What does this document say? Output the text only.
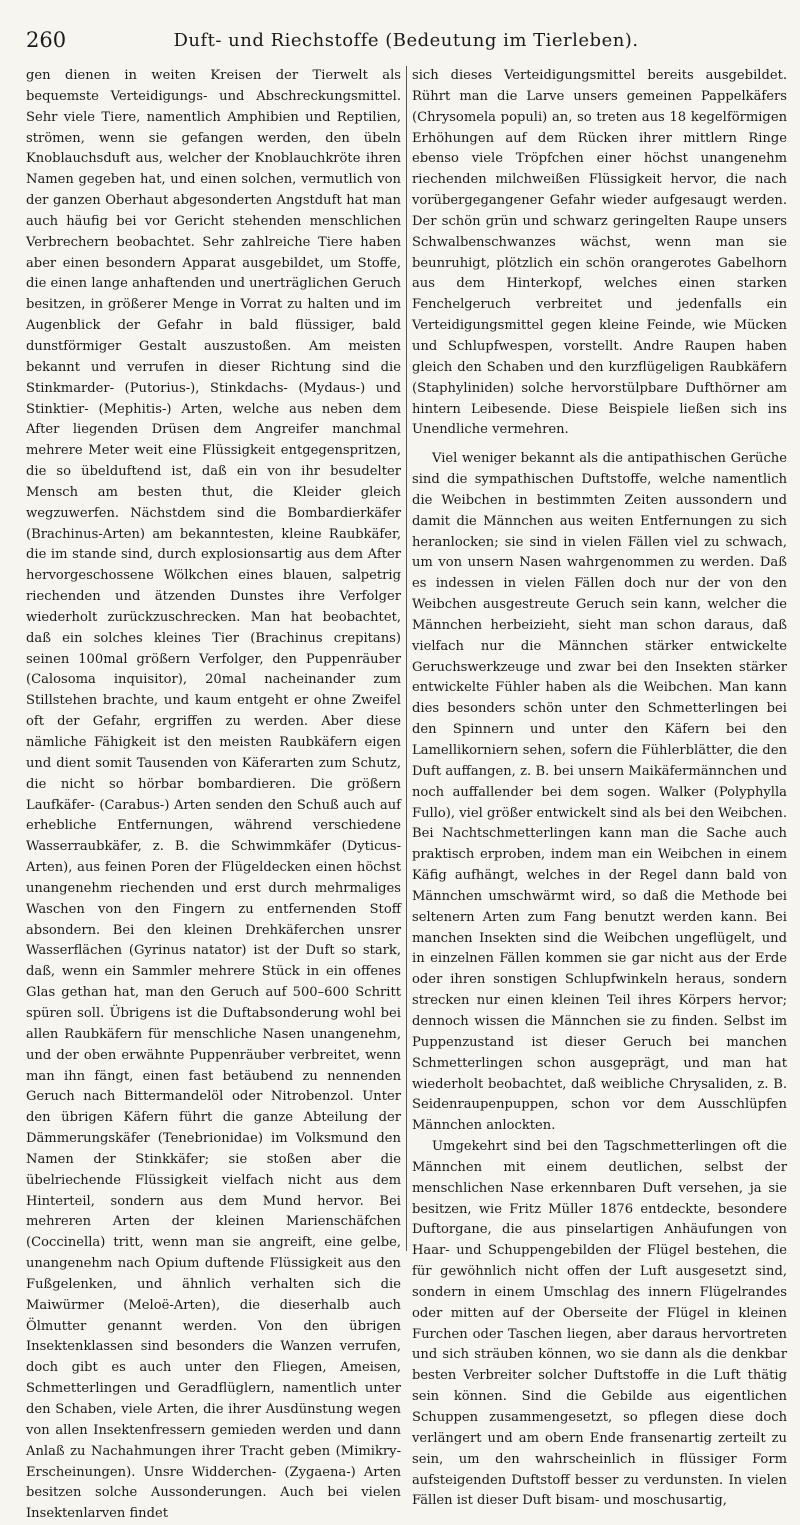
260	Duft- und Riechstoffe (Bedeutung im Tierleben).

gen dienen in weiten Kreisen der Tierwelt als bequemste Verteidigungs- und Abschreckungsmittel. Sehr viele Tiere, namentlich Amphibien und Reptilien, strömen, wenn sie gefangen werden, den übeln Knoblauchsduft aus, welcher der Knoblauchkröte ihren Namen gegeben hat, und einen solchen, vermutlich von der ganzen Oberhaut abgesonderten Angstduft hat man auch häufig bei vor Gericht stehenden menschlichen Verbrechern beobachtet. Sehr zahlreiche Tiere haben aber einen besondern Apparat ausgebildet, um Stoffe, die einen lange anhaftenden und unerträglichen Geruch besitzen, in größerer Menge in Vorrat zu halten und im Augenblick der Gefahr in bald flüssiger, bald dunstförmiger Gestalt auszustoßen. Am meisten bekannt und verrufen in dieser Richtung sind die Stinkmarder- (Putorius-), Stinkdachs- (Mydaus-) und Stinktier- (Mephitis-) Arten, welche aus neben dem After liegenden Drüsen dem Angreifer manchmal mehrere Meter weit eine Flüssigkeit entgegenspritzen, die so übelduftend ist, daß ein von ihr besudelter Mensch am besten thut, die Kleider gleich wegzuwerfen. Nächstdem sind die Bombardierkäfer (Brachinus-Arten) am bekanntesten, kleine Raubkäfer, die im stande sind, durch explosionsartig aus dem After hervorgeschossene Wölkchen eines blauen, salpetrig riechenden und ätzenden Dunstes ihre Verfolger wiederholt zurückzuschrecken. Man hat beobachtet, daß ein solches kleines Tier (Brachinus crepitans) seinen 100mal größern Verfolger, den Puppenräuber (Calosoma inquisitor), 20mal nacheinander zum Stillstehen brachte, und kaum entgeht er ohne Zweifel oft der Gefahr, ergriffen zu werden. Aber diese nämliche Fähigkeit ist den meisten Raubkäfern eigen und dient somit Tausenden von Käferarten zum Schutz, die nicht so hörbar bombardieren. Die größern Laufkäfer- (Carabus-) Arten senden den Schuß auch auf erhebliche Entfernungen, während verschiedene Wasserraubkäfer, z. B. die Schwimmkäfer (Dyticus-Arten), aus feinen Poren der Flügeldecken einen höchst unangenehm riechenden und erst durch mehrmaliges Waschen von den Fingern zu entfernenden Stoff absondern. Bei den kleinen Drehkäferchen unsrer Wasserflächen (Gyrinus natator) ist der Duft so stark, daß, wenn ein Sammler mehrere Stück in ein offenes Glas gethan hat, man den Geruch auf 500–600 Schritt spüren soll. Übrigens ist die Duftabsonderung wohl bei allen Raubkäfern für menschliche Nasen unangenehm, und der oben erwähnte Puppenräuber verbreitet, wenn man ihn fängt, einen fast betäubend zu nennenden Geruch nach Bittermandelöl oder Nitrobenzol. Unter den übrigen Käfern führt die ganze Abteilung der Dämmerungskäfer (Tenebrionidae) im Volksmund den Namen der Stinkkäfer; sie stoßen aber die übelriechende Flüssigkeit vielfach nicht aus dem Hinterteil, sondern aus dem Mund hervor. Bei mehreren Arten der kleinen Marienschäfchen (Coccinella) tritt, wenn man sie angreift, eine gelbe, unangenehm nach Opium duftende Flüssigkeit aus den Fußgelenken, und ähnlich verhalten sich die Maiwürmer (Meloë-Arten), die dieserhalb auch Ölmutter genannt werden. Von den übrigen Insektenklassen sind besonders die Wanzen verrufen, doch gibt es auch unter den Fliegen, Ameisen, Schmetterlingen und Geradflüglern, namentlich unter den Schaben, viele Arten, die ihrer Ausdünstung wegen von allen Insektenfressern gemieden werden und dann Anlaß zu Nachahmungen ihrer Tracht geben (Mimikry-Erscheinungen). Unsre Widderchen- (Zygaena-) Arten besitzen solche Aussonderungen. Auch bei vielen Insektenlarven findet

sich dieses Verteidigungsmittel bereits ausgebildet. Rührt man die Larve unsers gemeinen Pappelkäfers (Chrysomela populi) an, so treten aus 18 kegelförmigen Erhöhungen auf dem Rücken ihrer mittlern Ringe ebenso viele Tröpfchen einer höchst unangenehm riechenden milchweißen Flüssigkeit hervor, die nach vorübergegangener Gefahr wieder aufgesaugt werden. Der schön grün und schwarz geringelten Raupe unsers Schwalbenschwanzes wächst, wenn man sie beunruhigt, plötzlich ein schön orangerotes Gabelhorn aus dem Hinterkopf, welches einen starken Fenchelgeruch verbreitet und jedenfalls ein Verteidigungsmittel gegen kleine Feinde, wie Mücken und Schlupfwespen, vorstellt. Andre Raupen haben gleich den Schaben und den kurzflügeligen Raubkäfern (Staphyliniden) solche hervorstülpbare Dufthörner am hintern Leibesende. Diese Beispiele ließen sich ins Unendliche vermehren.

Viel weniger bekannt als die antipathischen Gerüche sind die sympathischen Duftstoffe, welche namentlich die Weibchen in bestimmten Zeiten aussondern und damit die Männchen aus weiten Entfernungen zu sich heranlocken; sie sind in vielen Fällen viel zu schwach, um von unsern Nasen wahrgenommen zu werden. Daß es indessen in vielen Fällen doch nur der von den Weibchen ausgestreute Geruch sein kann, welcher die Männchen herbeizieht, sieht man schon daraus, daß vielfach nur die Männchen stärker entwickelte Geruchswerkzeuge und zwar bei den Insekten stärker entwickelte Fühler haben als die Weibchen. Man kann dies besonders schön unter den Schmetterlingen bei den Spinnern und unter den Käfern bei den Lamellikorniern sehen, sofern die Fühlerblätter, die den Duft auffangen, z. B. bei unsern Maikäfermännchen und noch auffallender bei dem sogen. Walker (Polyphylla Fullo), viel größer entwickelt sind als bei den Weibchen. Bei Nachtschmetterlingen kann man die Sache auch praktisch erproben, indem man ein Weibchen in einem Käfig aufhängt, welches in der Regel dann bald von Männchen umschwärmt wird, so daß die Methode bei seltenern Arten zum Fang benutzt werden kann. Bei manchen Insekten sind die Weibchen ungeflügelt, und in einzelnen Fällen kommen sie gar nicht aus der Erde oder ihren sonstigen Schlupfwinkeln heraus, sondern strecken nur einen kleinen Teil ihres Körpers hervor; dennoch wissen die Männchen sie zu finden. Selbst im Puppenzustand ist dieser Geruch bei manchen Schmetterlingen schon ausgeprägt, und man hat wiederholt beobachtet, daß weibliche Chrysaliden, z. B. Seidenraupenpuppen, schon vor dem Ausschlüpfen Männchen anlockten.

Umgekehrt sind bei den Tagschmetterlingen oft die Männchen mit einem deutlichen, selbst der menschlichen Nase erkennbaren Duft versehen, ja sie besitzen, wie Fritz Müller 1876 entdeckte, besondere Duftorgane, die aus pinselartigen Anhäufungen von Haar- und Schuppengebilden der Flügel bestehen, die für gewöhnlich nicht offen der Luft ausgesetzt sind, sondern in einem Umschlag des innern Flügelrandes oder mitten auf der Oberseite der Flügel in kleinen Furchen oder Taschen liegen, aber daraus hervortreten und sich sträuben können, wo sie dann als die denkbar besten Verbreiter solcher Duftstoffe in die Luft thätig sein können. Sind die Gebilde aus eigentlichen Schuppen zusammengesetzt, so pflegen diese doch verlängert und am obern Ende fransenartig zerteilt zu sein, um den wahrscheinlich in flüssiger Form aufsteigenden Duftstoff besser zu verdunsten. In vielen Fällen ist dieser Duft bisam- und moschusartig,
